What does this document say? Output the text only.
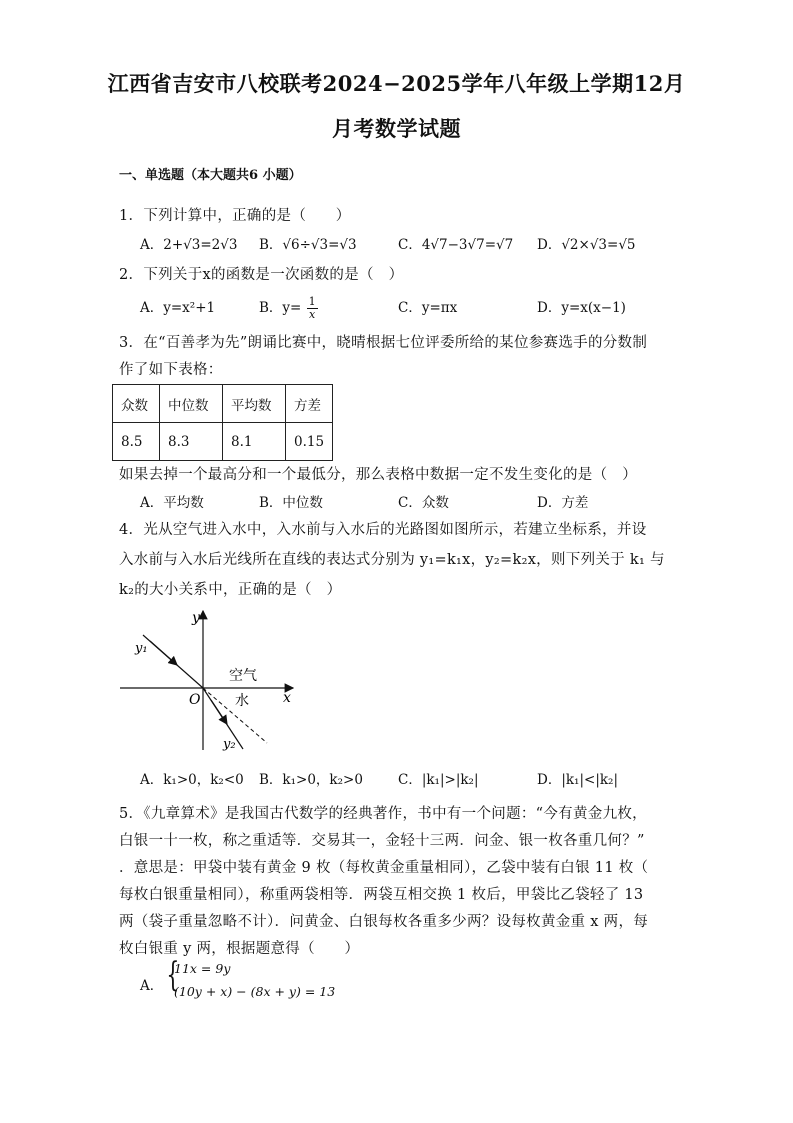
江西省吉安市八校联考2024−2025学年八年级上学期12月
月考数学试题
一、单选题（本大题共6 小题）
1．下列计算中，正确的是（　　）
A．2+√3=2√3 B．√6÷√3=√3	C．4√7−3√7=√7 D．√2×√3=√5
2．下列关于x的函数是一次函数的是（　）
A．y=x²+1	B．$y= \frac{1}{x}$	C．y=πx	D．y=x(x−1)
3．在“百善孝为先”朗诵比赛中，晓晴根据七位评委所给的某位参赛选手的分数制
作了如下表格：
众数	中位数	平均数	方差
8.5	8.3	8.1	0.15
如果去掉一个最高分和一个最低分，那么表格中数据一定不发生变化的是（　）
A．平均数	B．中位数	C．众数	D．方差
4．光从空气进入水中，入水前与入水后的光路图如图所示，若建立坐标系，并设
入水前与入水后光线所在直线的表达式分别为 y₁=k₁x，y₂=k₂x，则下列关于 k₁ 与
k₂的大小关系中，正确的是（　）
y
x
O
y₁
y₂
空气
水
A．k₁>0，k₂<0 B．k₁>0，k₂>0	C．|k₁|>|k₂|	D．|k₁|<|k₂|
5．《九章算术》是我国古代数学的经典著作，书中有一个问题：“今有黄金九枚，
白银一十一枚，称之重适等．交易其一，金轻十三两．问金、银一枚各重几何？”
．意思是：甲袋中装有黄金 9 枚（每枚黄金重量相同），乙袋中装有白银 11 枚（
每枚白银重量相同），称重两袋相等．两袋互相交换 1 枚后，甲袋比乙袋轻了 13
两（袋子重量忽略不计）．问黄金、白银每枚各重多少两？设每枚黄金重 x 两，每
枚白银重 y 两，根据题意得（　　）
A． {
11x = 9y
(10y + x) − (8x + y) = 13
